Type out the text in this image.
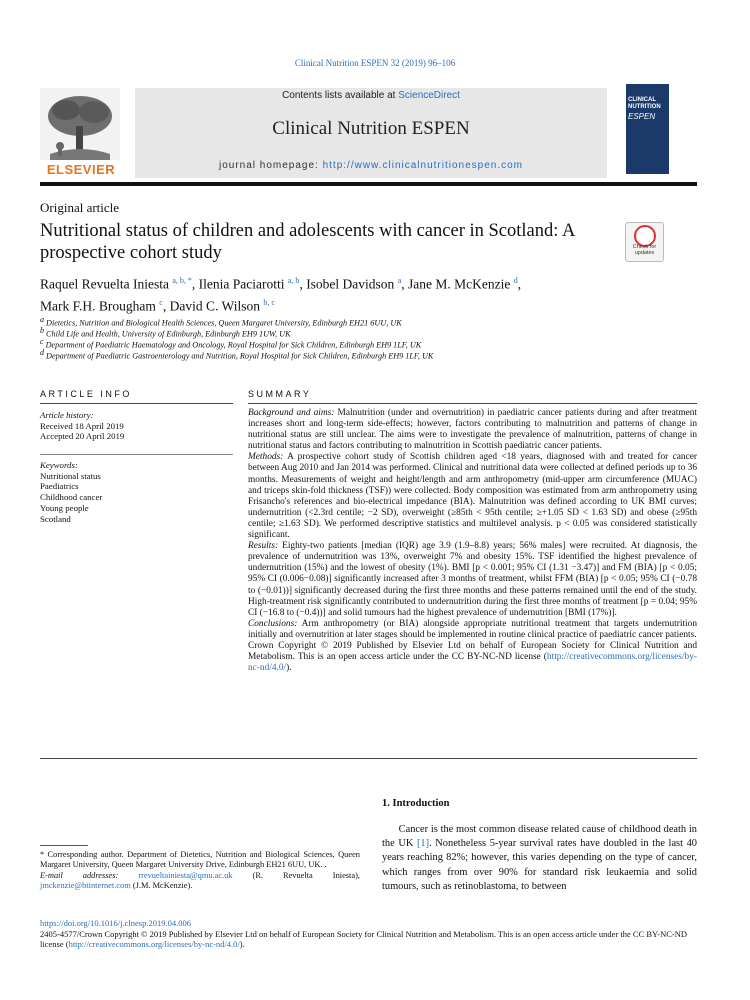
Clinical Nutrition ESPEN 32 (2019) 96–106
ELSEVIER
Contents lists available at ScienceDirect
Clinical Nutrition ESPEN
journal homepage: http://www.clinicalnutritionespen.com
CLINICAL
NUTRITION
ESPEN
Original article
Nutritional status of children and adolescents with cancer in Scotland: A prospective cohort study	Check for updates
Raquel Revuelta Iniesta $^{a, b, *}$, Ilenia Paciarotti $^{a, b}$, Isobel Davidson $^a$, Jane M. McKenzie $^d$,
Mark F.H. Brougham $^c$, David C. Wilson $^{b, c}$
$^a$ Dietetics, Nutrition and Biological Health Sciences, Queen Margaret University, Edinburgh EH21 6UU, UK
$^b$ Child Life and Health, University of Edinburgh, Edinburgh EH9 1UW, UK
$^c$ Department of Paediatric Haematology and Oncology, Royal Hospital for Sick Children, Edinburgh EH9 1LF, UK
$^d$ Department of Paediatric Gastroenterology and Nutrition, Royal Hospital for Sick Children, Edinburgh EH9 1LF, UK
ARTICLE INFO
Article history:
Received 18 April 2019
Accepted 20 April 2019
Keywords:
Nutritional status
Paediatrics
Childhood cancer
Young people
Scotland
SUMMARY

Background and aims: Malnutrition (under and overnutrition) in paediatric cancer patients during and after treatment increases short and long-term side-effects; however, factors contributing to malnutrition and patterns of change in nutritional status are still unclear. The aims were to investigate the prevalence of malnutrition, patterns of change in nutritional status and factors contributing to malnutrition in Scottish paediatric cancer patients.

Methods: A prospective cohort study of Scottish children aged <18 years, diagnosed with and treated for cancer between Aug 2010 and Jan 2014 was performed. Clinical and nutritional data were collected at defined periods up to 36 months. Measurements of weight and height/length and arm anthropometry (mid-upper arm circumference (MUAC) and triceps skin-fold thickness (TSF)) were collected. Body composition was estimated from arm anthropometry using Frisancho's references and bio-electrical impedance (BIA). Malnutrition was defined according to UK BMI curves; undernutrition (<2.3rd centile; −2 SD), overweight (≥85th < 95th centile; ≥+1.05 SD < 1.63 SD) and obese (≥95th centile; ≥1.63 SD). We performed descriptive statistics and multilevel analysis. p < 0.05 was considered statistically significant.

Results: Eighty-two patients [median (IQR) age 3.9 (1.9–8.8) years; 56% males] were recruited. At diagnosis, the prevalence of undernutrition was 13%, overweight 7% and obesity 15%. TSF identified the highest prevalence of undernutrition (15%) and the lowest of obesity (1%). BMI [p < 0.001; 95% CI (1.31 −3.47)] and FM (BIA) [p < 0.05; 95% CI (0.006−0.08)] significantly increased after 3 months of treatment, whilst FFM (BIA) [p < 0.05; 95% CI (−0.78 to (−0.01))] significantly decreased during the first three months and these patterns remained until the end of the study. High-treatment risk significantly contributed to undernutrition during the first three months of treatment [p = 0.04; 95% CI (−16.8 to (−0.4))] and solid tumours had the highest prevalence of undernutrition [BMI (17%)].

Conclusions: Arm anthropometry (or BIA) alongside appropriate nutritional treatment that targets undernutrition initially and overnutrition at later stages should be implemented in routine clinical practice of paediatric cancer patients.

Crown Copyright © 2019 Published by Elsevier Ltd on behalf of European Society for Clinical Nutrition and Metabolism. This is an open access article under the CC BY-NC-ND license (http://creativecommons.org/licenses/by-nc-nd/4.0/).

1. Introduction
Cancer is the most common disease related cause of childhood death in the UK [1]. Nonetheless 5-year survival rates have doubled in the last 40 years reaching 82%; however, this varies depending on the type of cancer, which ranges from over 90% for standard risk leukaemia and solid tumours, such as retinoblastoma, to between
* Corresponding author. Department of Dietetics, Nutrition and Biological Sciences, Queen Margaret University, Queen Margaret University Drive, Edinburgh EH21 6UU, UK. .
E-mail addresses: rrevueltainiesta@qmu.ac.uk (R. Revuelta Iniesta), jmckenzie@btinternet.com (J.M. McKenzie).
https://doi.org/10.1016/j.clnesp.2019.04.006
2405-4577/Crown Copyright © 2019 Published by Elsevier Ltd on behalf of European Society for Clinical Nutrition and Metabolism. This is an open access article under the CC BY-NC-ND license (http://creativecommons.org/licenses/by-nc-nd/4.0/).
